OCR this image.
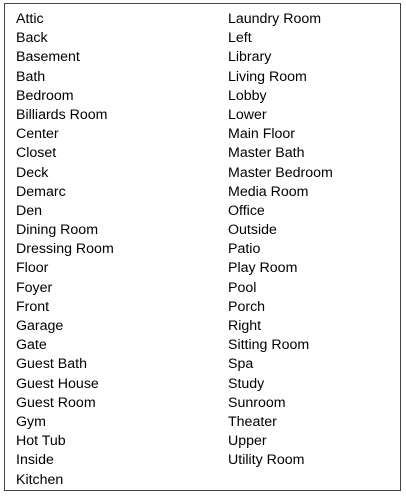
Attic
Back
Basement
Bath
Bedroom
Billiards Room
Center
Closet
Deck
Demarc
Den
Dining Room
Dressing Room
Floor
Foyer
Front
Garage
Gate
Guest Bath
Guest House
Guest Room
Gym
Hot Tub
Inside
Kitchen
Laundry Room
Left
Library
Living Room
Lobby
Lower
Main Floor
Master Bath
Master Bedroom
Media Room
Office
Outside
Patio
Play Room
Pool
Porch
Right
Sitting Room
Spa
Study
Sunroom
Theater
Upper
Utility Room
